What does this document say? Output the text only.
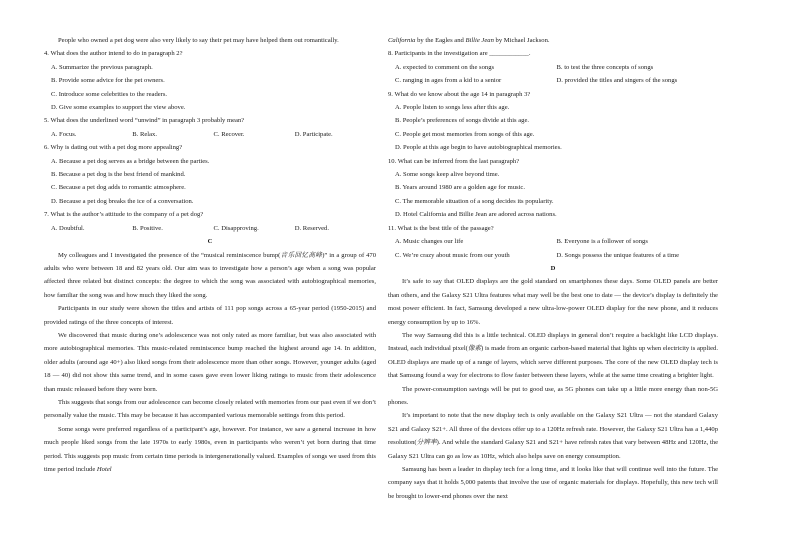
People who owned a pet dog were also very likely to say their pet may have helped them out romantically.
4. What does the author intend to do in paragraph 2?
A. Summarize the previous paragraph.
B. Provide some advice for the pet owners.
C. Introduce some celebrities to the readers.
D. Give some examples to support the view above.
5. What does the underlined word “unwind” in paragraph 3 probably mean?
A. Focus.	B. Relax.	C. Recover.	D. Participate.
6. Why is dating out with a pet dog more appealing?
A. Because a pet dog serves as a bridge between the parties.
B. Because a pet dog is the best friend of mankind.
C. Because a pet dog adds to romantic atmosphere.
D. Because a pet dog breaks the ice of a conversation.
7. What is the author’s attitude to the company of a pet dog?
A. Doubtful.	B. Positive.	C. Disapproving.	D. Reserved.
C
My colleagues and I investigated the presence of the “musical reminiscence bump(音乐回忆高峰)” in a group of 470 adults who were between 18 and 82 years old. Our aim was to investigate how a person’s age when a song was popular affected three related but distinct concepts: the degree to which the song was associated with autobiographical memories, how familiar the song was and how much they liked the song.
Participants in our study were shown the titles and artists of 111 pop songs across a 65-year period (1950-2015) and provided ratings of the three concepts of interest.
We discovered that music during one’s adolescence was not only rated as more familiar, but was also associated with more autobiographical memories. This music-related reminiscence bump reached the highest around age 14. In addition, older adults (around age 40+) also liked songs from their adolescence more than other songs. However, younger adults (aged 18 — 40) did not show this same trend, and in some cases gave even lower liking ratings to music from their adolescence than music released before they were born.
This suggests that songs from our adolescence can become closely related with memories from our past even if we don’t personally value the music. This may be because it has accompanied various memorable settings from this period.
Some songs were preferred regardless of a participant’s age, however. For instance, we saw a general increase in how much people liked songs from the late 1970s to early 1980s, even in participants who weren’t yet born during that time period. This suggests pop music from certain time periods is intergenerationally valued. Examples of songs we used from this time period include Hotel
California by the Eagles and Billie Jean by Michael Jackson.
8. Participants in the investigation are ____________.
A. expected to comment on the songs	B. to test the three concepts of songs
C. ranging in ages from a kid to a senior	D. provided the titles and singers of the songs
9. What do we know about the age 14 in paragraph 3?
A. People listen to songs less after this age.
B. People’s preferences of songs divide at this age.
C. People get most memories from songs of this age.
D. People at this age begin to have autobiographical memories.
10. What can be inferred from the last paragraph?
A. Some songs keep alive beyond time.
B. Years around 1980 are a golden age for music.
C. The memorable situation of a song decides its popularity.
D. Hotel California and Billie Jean are adored across nations.
11. What is the best title of the passage?
A. Music changes our life	B. Everyone is a follower of songs
C. We’re crazy about music from our youth	D. Songs possess the unique features of a time
D
It’s safe to say that OLED displays are the gold standard on smartphones these days. Some OLED panels are better than others, and the Galaxy S21 Ultra features what may well be the best one to date — the device’s display is definitely the most power efficient. In fact, Samsung developed a new ultra-low-power OLED display for the new phone, and it reduces energy consumption by up to 16%.
The way Samsung did this is a little technical. OLED displays in general don’t require a backlight like LCD displays. Instead, each individual pixel(像素) is made from an organic carbon-based material that lights up when electricity is applied. OLED displays are made up of a range of layers, which serve different purposes. The core of the new OLED display tech is that Samsung found a way for electrons to flow faster between these layers, while at the same time creating a brighter light.
The power-consumption savings will be put to good use, as 5G phones can take up a little more energy than non-5G phones.
It’s important to note that the new display tech is only available on the Galaxy S21 Ultra — not the standard Galaxy S21 and Galaxy S21+. All three of the devices offer up to a 120Hz refresh rate. However, the Galaxy S21 Ultra has a 1,440p resolution(分辨率). And while the standard Galaxy S21 and S21+ have refresh rates that vary between 48Hz and 120Hz, the Galaxy S21 Ultra can go as low as 10Hz, which also helps save on energy consumption.
Samsung has been a leader in display tech for a long time, and it looks like that will continue well into the future. The company says that it holds 5,000 patents that involve the use of organic materials for displays. Hopefully, this new tech will be brought to lower-end phones over the next
